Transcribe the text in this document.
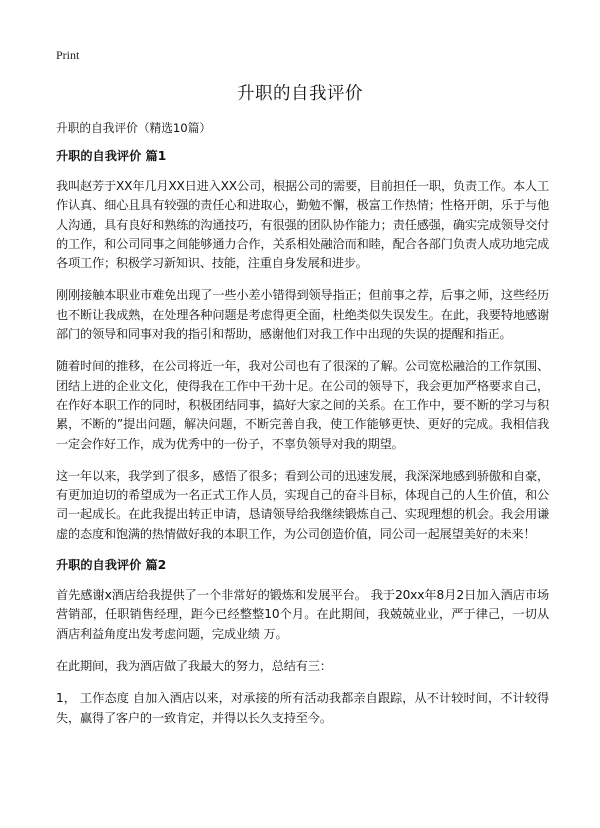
Print
升职的自我评价

升职的自我评价（精选10篇）

升职的自我评价 篇1

我叫赵芳于XX年几月XX日进入XX公司，根据公司的需要，目前担任一职，负责工作。本人工作认真、细心且具有较强的责任心和进取心，勤勉不懈，极富工作热情；性格开朗，乐于与他人沟通，具有良好和熟练的沟通技巧，有很强的团队协作能力；责任感强，确实完成领导交付的工作，和公司同事之间能够通力合作，关系相处融洽而和睦，配合各部门负责人成功地完成各项工作；积极学习新知识、技能，注重自身发展和进步。

刚刚接触本职业市难免出现了一些小差小错得到领导指正；但前事之荐，后事之师，这些经历也不断让我成熟，在处理各种问题是考虑得更全面，杜绝类似失误发生。在此，我要特地感谢部门的领导和同事对我的指引和帮助，感谢他们对我工作中出现的失误的提醒和指正。

随着时间的推移，在公司将近一年，我对公司也有了很深的了解。公司宽松融洽的工作氛围、团结上进的企业文化，使得我在工作中干劲十足。在公司的领导下，我会更加严格要求自己，在作好本职工作的同时，积极团结同事，搞好大家之间的关系。在工作中，要不断的学习与积累，不断的”提出问题，解决问题，不断完善自我，使工作能够更快、更好的完成。我相信我一定会作好工作，成为优秀中的一份子，不辜负领导对我的期望。

这一年以来，我学到了很多，感悟了很多；看到公司的迅速发展，我深深地感到骄傲和自豪，有更加迫切的希望成为一名正式工作人员，实现自己的奋斗目标，体现自己的人生价值，和公司一起成长。在此我提出转正申请，恳请领导给我继续锻炼自己、实现理想的机会。我会用谦虚的态度和饱满的热情做好我的本职工作，为公司创造价值，同公司一起展望美好的未来！

升职的自我评价 篇2

首先感谢x酒店给我提供了一个非常好的锻炼和发展平台。 我于20xx年8月2日加入酒店市场营销部，任职销售经理，距今已经整整10个月。在此期间，我兢兢业业，严于律己，一切从酒店利益角度出发考虑问题，完成业绩 万。

在此期间，我为酒店做了我最大的努力，总结有三：

1， 工作态度 自加入酒店以来，对承接的所有活动我都亲自跟踪，从不计较时间，不计较得失，赢得了客户的一致肯定，并得以长久支持至今。
